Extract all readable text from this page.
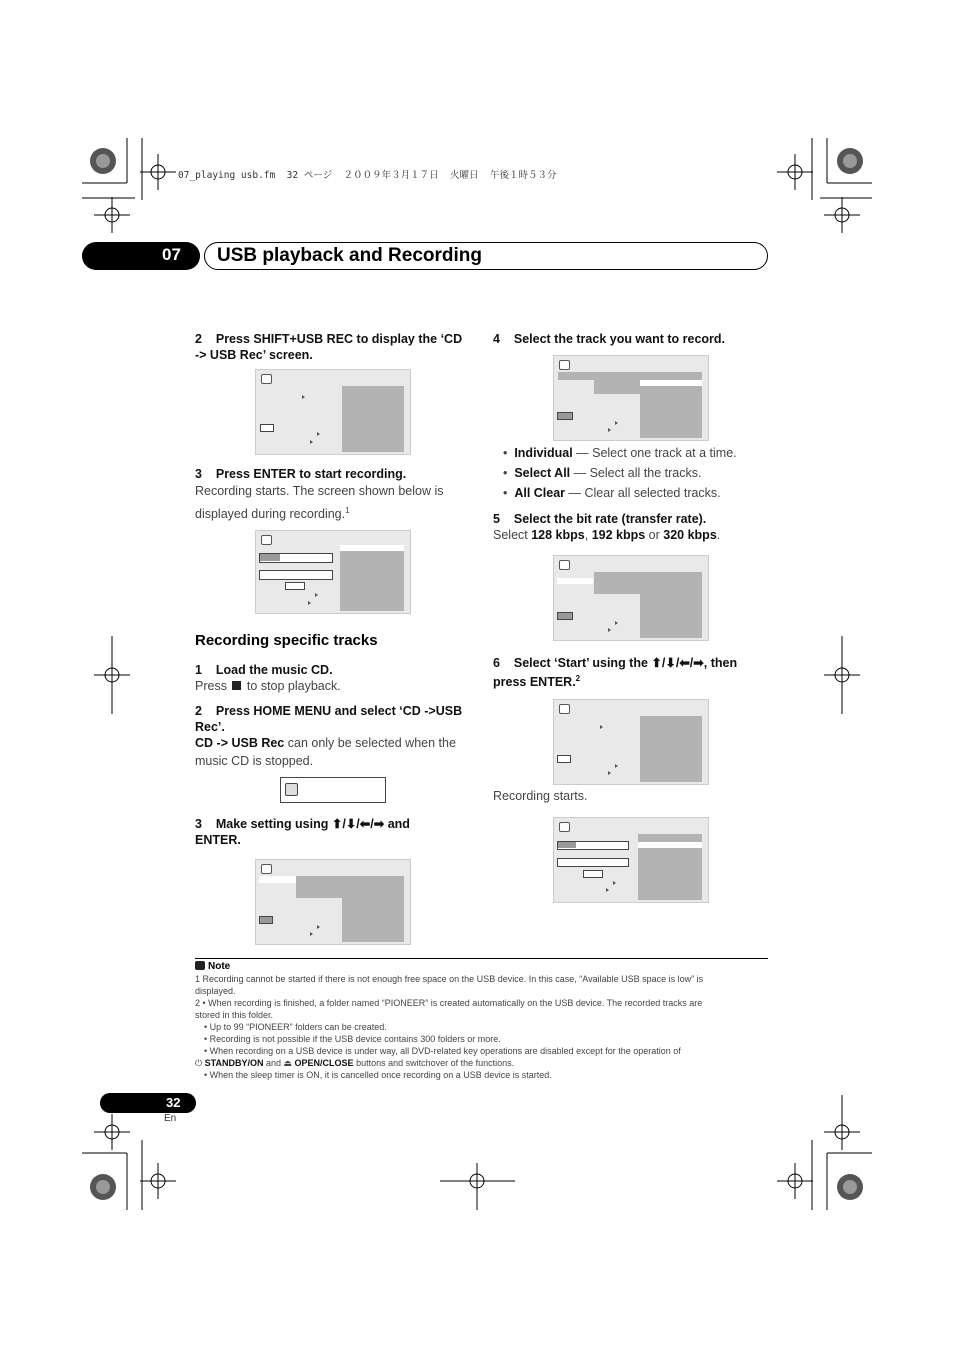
07_playing usb.fm  32 ページ  ２００９年３月１７日  火曜日  午後１時５３分
07 USB playback and Recording
2 Press SHIFT+USB REC to display the ‘CD -> USB Rec’ screen.
3 Press ENTER to start recording.
Recording starts. The screen shown below is displayed during recording.$^1$
Recording specific tracks
1 Load the music CD.
Press to stop playback.
2 Press HOME MENU and select ‘CD ->USB Rec’.
CD -> USB Rec can only be selected when the music CD is stopped.
3 Make setting using ⬆/⬇/⬅/➡ and
ENTER.
4 Select the track you want to record.
•  Individual — Select one track at a time.
•  Select All — Select all the tracks.
•  All Clear — Clear all selected tracks.
5 Select the bit rate (transfer rate).
Select 128 kbps, 192 kbps or 320 kbps.
6 Select ‘Start’ using the ⬆/⬇/⬅/➡, then
press ENTER.$^2$
Recording starts.
Note
1 Recording cannot be started if there is not enough free space on the USB device. In this case, “Available USB space is low” is
displayed.
2 • When recording is finished, a folder named “PIONEER” is created automatically on the USB device. The recorded tracks are
stored in this folder.
• Up to 99 “PIONEER” folders can be created.
• Recording is not possible if the USB device contains 300 folders or more.
• When recording on a USB device is under way, all DVD-related key operations are disabled except for the operation of
⏻ STANDBY/ON and ⏏ OPEN/CLOSE buttons and switchover of the functions.
• When the sleep timer is ON, it is cancelled once recording on a USB device is started.
32
En
